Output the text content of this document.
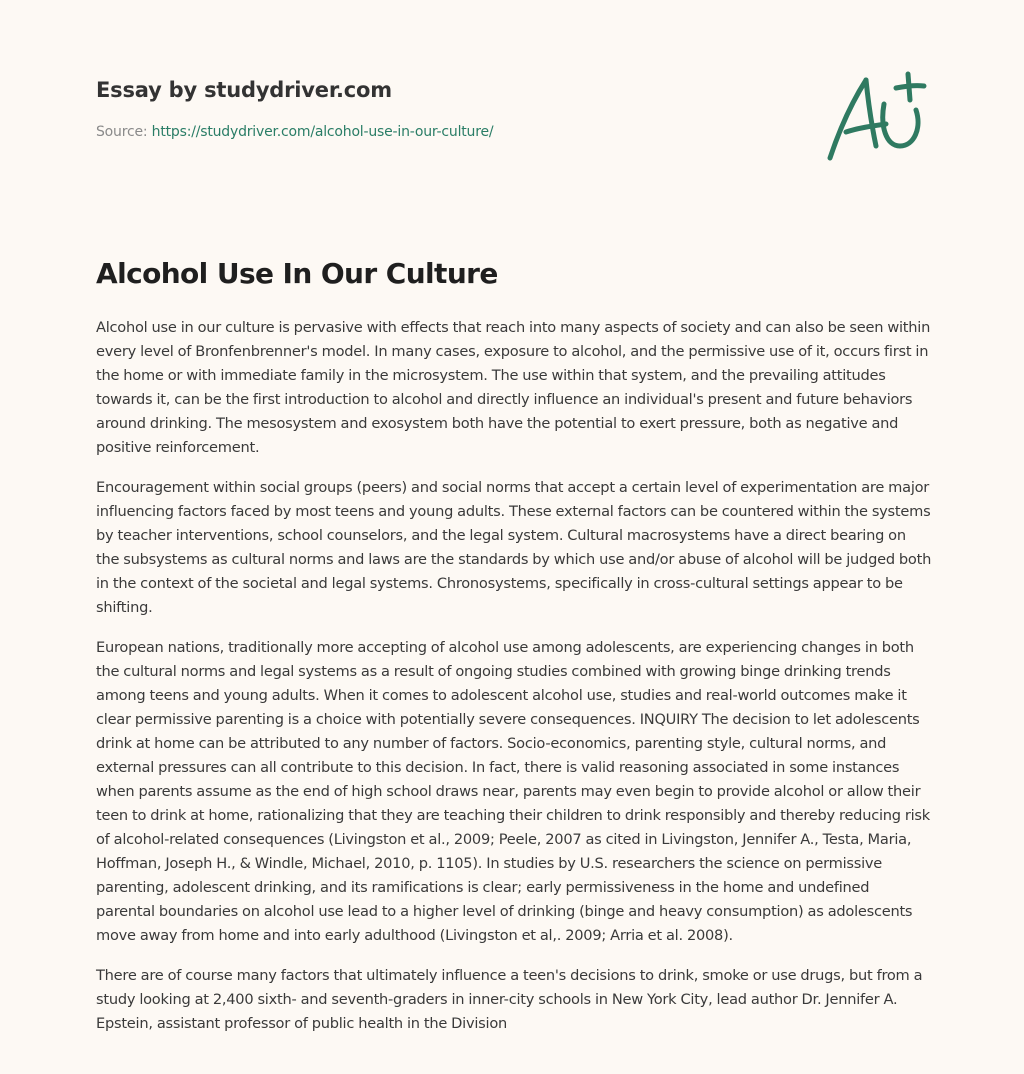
Essay by studydriver.com
Source: https://studydriver.com/alcohol-use-in-our-culture/
Alcohol Use In Our Culture

Alcohol use in our culture is pervasive with effects that reach into many aspects of society and can also be seen within every level of Bronfenbrenner's model. In many cases, exposure to alcohol, and the permissive use of it, occurs first in the home or with immediate family in the microsystem. The use within that system, and the prevailing attitudes towards it, can be the first introduction to alcohol and directly influence an individual's present and future behaviors around drinking. The mesosystem and exosystem both have the potential to exert pressure, both as negative and positive reinforcement.

Encouragement within social groups (peers) and social norms that accept a certain level of experimentation are major influencing factors faced by most teens and young adults. These external factors can be countered within the systems by teacher interventions, school counselors, and the legal system. Cultural macrosystems have a direct bearing on the subsystems as cultural norms and laws are the standards by which use and/or abuse of alcohol will be judged both in the context of the societal and legal systems. Chronosystems, specifically in cross-cultural settings appear to be shifting.

European nations, traditionally more accepting of alcohol use among adolescents, are experiencing changes in both the cultural norms and legal systems as a result of ongoing studies combined with growing binge drinking trends among teens and young adults. When it comes to adolescent alcohol use, studies and real-world outcomes make it clear permissive parenting is a choice with potentially severe consequences. INQUIRY The decision to let adolescents drink at home can be attributed to any number of factors. Socio-economics, parenting style, cultural norms, and external pressures can all contribute to this decision. In fact, there is valid reasoning associated in some instances when parents assume as the end of high school draws near, parents may even begin to provide alcohol or allow their teen to drink at home, rationalizing that they are teaching their children to drink responsibly and thereby reducing risk of alcohol-related consequences (Livingston et al., 2009; Peele, 2007 as cited in Livingston, Jennifer A., Testa, Maria, Hoffman, Joseph H., & Windle, Michael, 2010, p. 1105). In studies by U.S. researchers the science on permissive parenting, adolescent drinking, and its ramifications is clear; early permissiveness in the home and undefined parental boundaries on alcohol use lead to a higher level of drinking (binge and heavy consumption) as adolescents move away from home and into early adulthood (Livingston et al,. 2009; Arria et al. 2008).

There are of course many factors that ultimately influence a teen's decisions to drink, smoke or use drugs, but from a study looking at 2,400 sixth- and seventh-graders in inner-city schools in New York City, lead author Dr. Jennifer A. Epstein, assistant professor of public health in the Division
